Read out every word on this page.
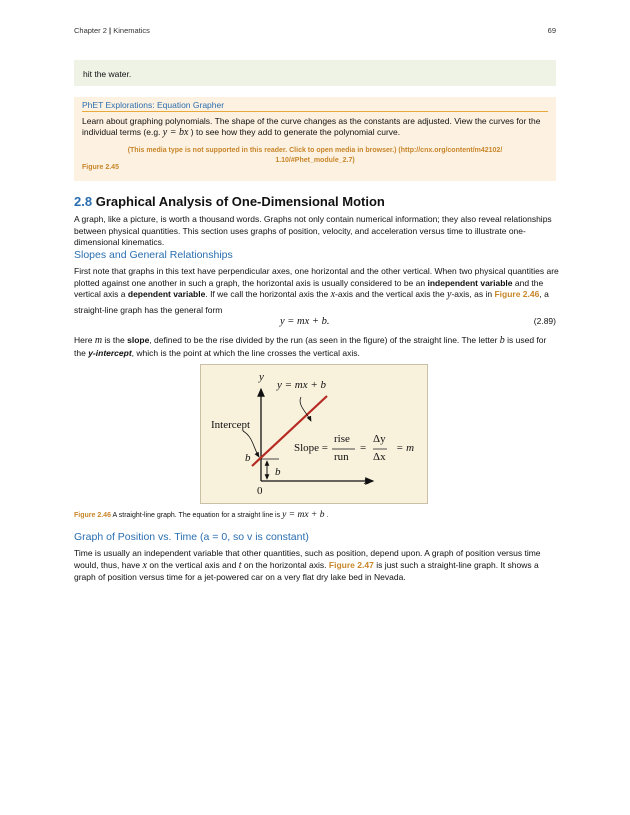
Chapter 2 | Kinematics	69
hit the water.
PhET Explorations: Equation Grapher
Learn about graphing polynomials. The shape of the curve changes as the constants are adjusted. View the curves for the
individual terms (e.g. y = bx ) to see how they add to generate the polynomial curve.
(This media type is not supported in this reader. Click to open media in browser.) (http://cnx.org/content/m42102/
1.10/#Phet_module_2.7)
Figure 2.45
2.8 Graphical Analysis of One-Dimensional Motion
A graph, like a picture, is worth a thousand words. Graphs not only contain numerical information; they also reveal relationships
between physical quantities. This section uses graphs of position, velocity, and acceleration versus time to illustrate one-
dimensional kinematics.
Slopes and General Relationships
First note that graphs in this text have perpendicular axes, one horizontal and the other vertical. When two physical quantities are
plotted against one another in such a graph, the horizontal axis is usually considered to be an independent variable and the
vertical axis a dependent variable. If we call the horizontal axis the x-axis and the vertical axis the y-axis, as in Figure 2.46, a
straight-line graph has the general form
y = mx + b.	(2.89)
Here m is the slope, defined to be the rise divided by the run (as seen in the figure) of the straight line. The letter b is used for
the y-intercept, which is the point at which the line crosses the vertical axis.
y
x
0
y = mx + b
Intercept
b
b
Slope =
rise
run
=
Δy
Δx
= m
Figure 2.46 A straight-line graph. The equation for a straight line is y = mx + b .
Graph of Position vs. Time (a = 0, so v is constant)
Time is usually an independent variable that other quantities, such as position, depend upon. A graph of position versus time
would, thus, have x on the vertical axis and t on the horizontal axis. Figure 2.47 is just such a straight-line graph. It shows a
graph of position versus time for a jet-powered car on a very flat dry lake bed in Nevada.
